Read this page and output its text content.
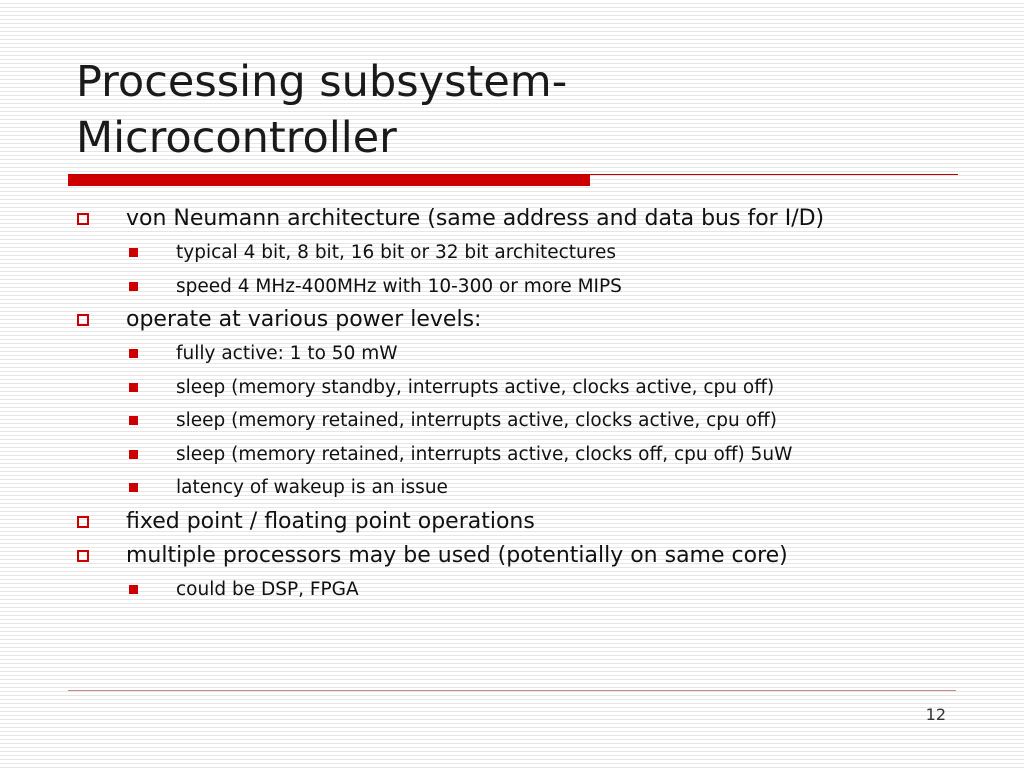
Processing subsystem-
Microcontroller
von Neumann architecture (same address and data bus for I/D)
typical 4 bit, 8 bit, 16 bit or 32 bit architectures
speed 4 MHz-400MHz with 10-300 or more MIPS
operate at various power levels:
fully active: 1 to 50 mW
sleep (memory standby, interrupts active, clocks active, cpu off)
sleep (memory retained, interrupts active, clocks active, cpu off)
sleep (memory retained, interrupts active, clocks off, cpu off) 5uW
latency of wakeup is an issue
fixed point / floating point operations
multiple processors may be used (potentially on same core)
could be DSP, FPGA
12
